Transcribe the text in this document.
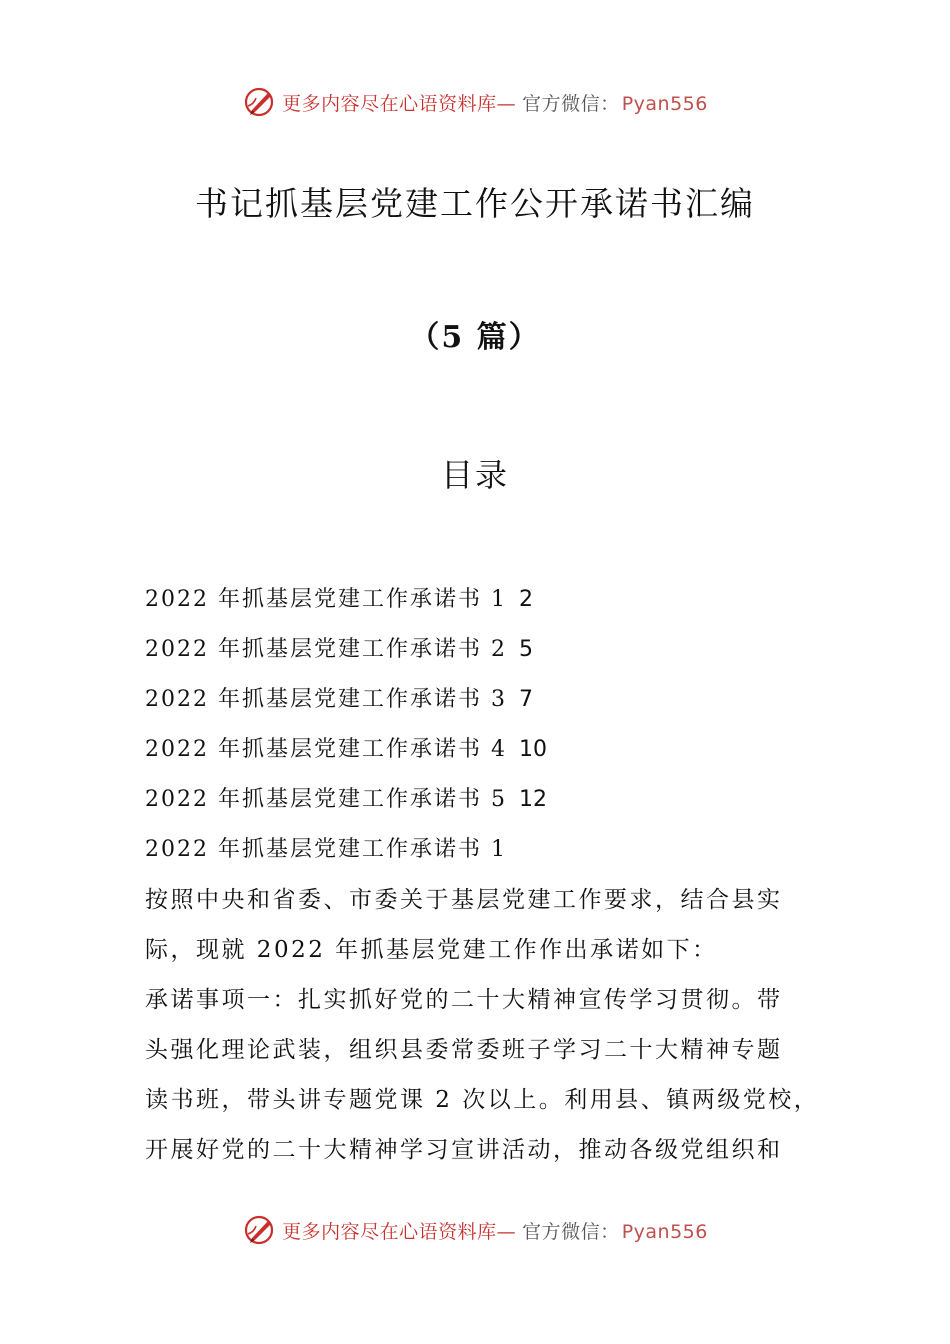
更多内容尽在心语资料库— 官方微信： Pyan556
书记抓基层党建工作公开承诺书汇编
（5 篇）
目录
2022 年抓基层党建工作承诺书 1 2
2022 年抓基层党建工作承诺书 2 5
2022 年抓基层党建工作承诺书 3 7
2022 年抓基层党建工作承诺书 4 10
2022 年抓基层党建工作承诺书 5 12
2022 年抓基层党建工作承诺书 1
按照中央和省委、市委关于基层党建工作要求，结合县实
际，现就 2022 年抓基层党建工作作出承诺如下：
承诺事项一：扎实抓好党的二十大精神宣传学习贯彻。带
头强化理论武装，组织县委常委班子学习二十大精神专题
读书班，带头讲专题党课 2 次以上。利用县、镇两级党校，
开展好党的二十大精神学习宣讲活动，推动各级党组织和
更多内容尽在心语资料库— 官方微信： Pyan556
